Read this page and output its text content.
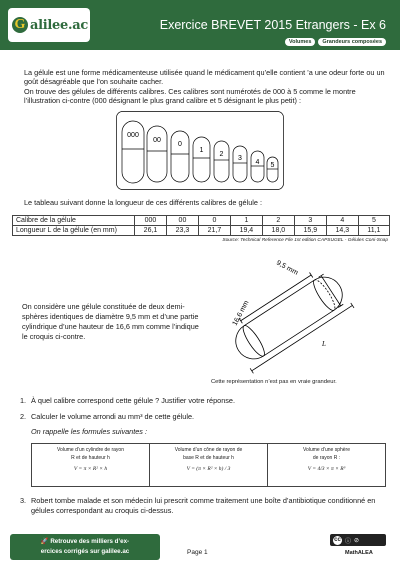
G alilee.ac	Exercice BREVET 2015 Etrangers - Ex 6
Volumes	Grandeurs composées
La gélule est une forme médicamenteuse utilisée quand le médicament qu’elle contient ’a une odeur forte ou un goût désagréable que l’on souhaite cacher.
On trouve des gélules de différents calibres. Ces calibres sont numérotés de 000 à 5 comme le montre l’illustration ci-contre (000 désignant le plus grand calibre et 5 désignant le plus petit) :
000
00
0
1
2
3
4 5
Le tableau suivant donne la longueur de ces différents calibres de gélule :
Calibre de la gélule	000	00	0	1	2	3	4	5
Longueur L de la gélule (en mm)	26,1	23,3	21,7	19,4	18,0	15,9	14,3	11,1
Source: Technical Reference File 1st edition CAPSUGEL - Gélules Coni-Snap
On considère une gélule constituée de deux demi-sphères identiques de diamètre 9,5 mm et d’une partie cylindrique d’une hauteur de 16,6 mm comme l’indique le croquis ci-contre.
9,5 mm
16,6 mm
L
Cette représentation n’est pas en vraie grandeur.
1. À quel calibre correspond cette gélule ? Justifier votre réponse.
2. Calculer le volume arrondi au mm³ de cette gélule.
On rappelle les formules suivantes :
Volume d’un cylindre de rayon
R et de hauteur h
V = π × R² × h
	Volume d’un cône de rayon de
base R et de hauteur h
V = (π × R² × h) / 3
	Volume d’une sphère
de rayon R :
V = 4/3 × π × R³
3. Robert tombe malade et son médecin lui prescrit comme traitement une boîte d’antibiotique conditionné en gélules correspondant au croquis ci-dessus.
🚀 Retrouve des milliers d’ex-
ercices corrigés sur galilee.ac	Page 1
cc ⓘ ⊘
MathALEA
